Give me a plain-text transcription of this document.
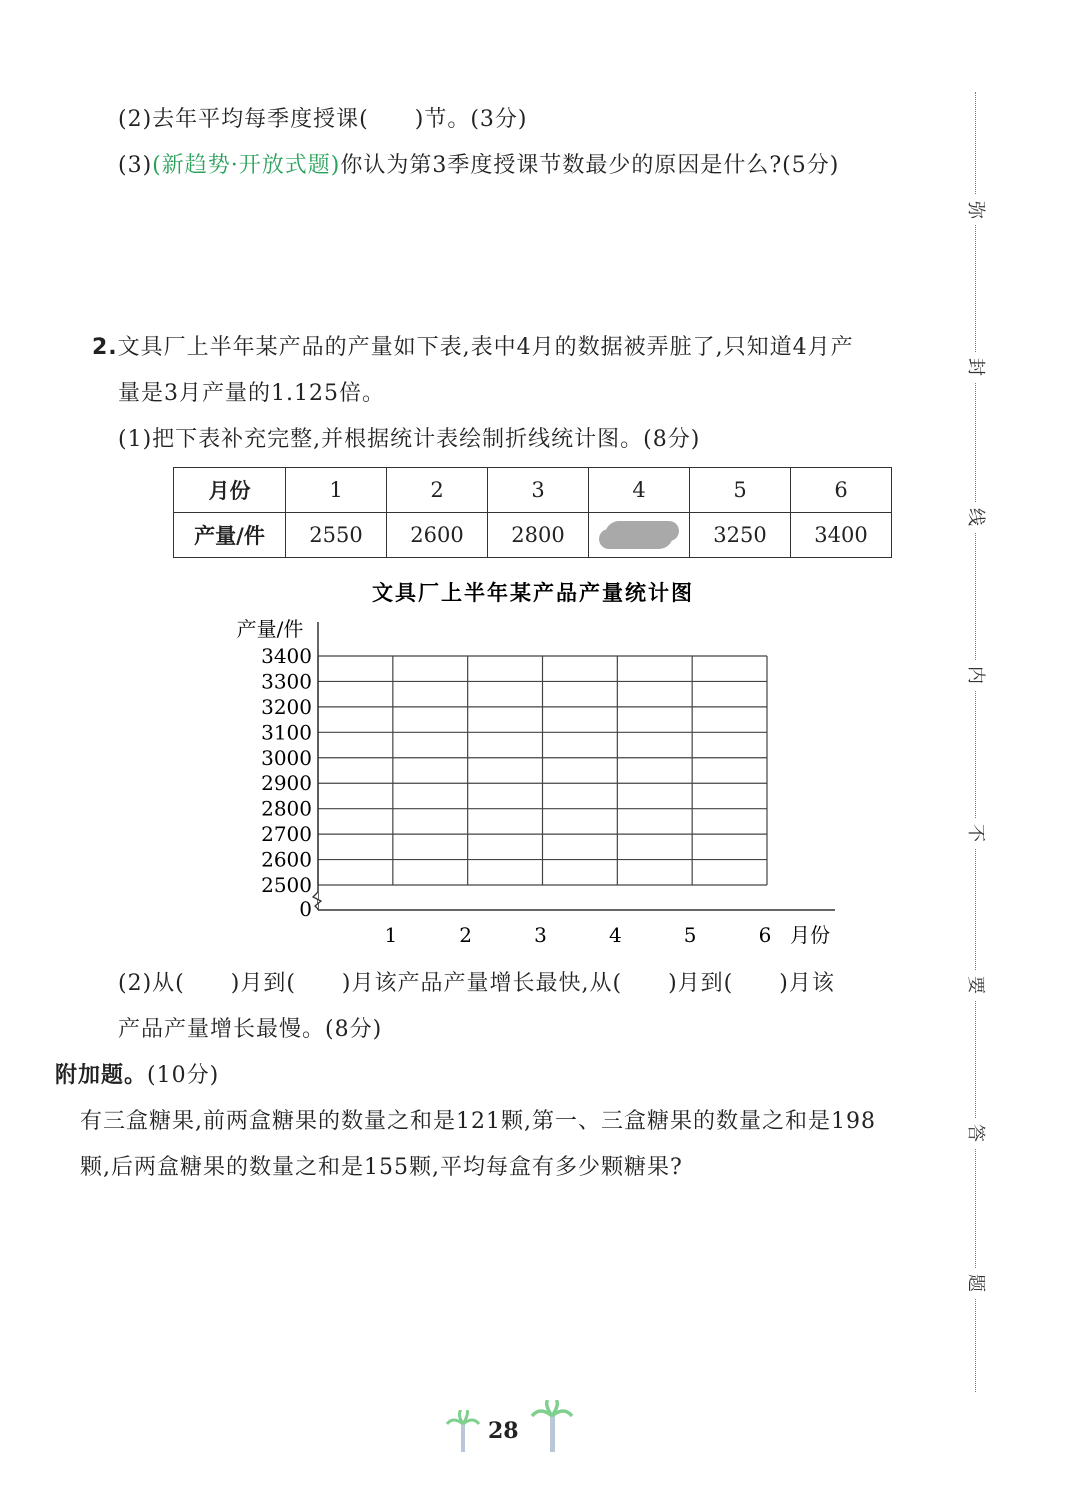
(2)去年平均每季度授课(　　)节。(3分)
(3)(新趋势·开放式题)你认为第3季度授课节数最少的原因是什么?(5分)
2.文具厂上半年某产品的产量如下表,表中4月的数据被弄脏了,只知道4月产
量是3月产量的1.125倍。
(1)把下表补充完整,并根据统计表绘制折线统计图。(8分)
月份	1	2	3	4	5	6
产量/件	2550	2600	2800		3250	3400
文具厂上半年某产品产量统计图
产量/件
3400
3300
3200
3100
3000
2900
2800
2700
2600
2500
0
1	2	3	4	5	6 月份
(2)从(　　)月到(　　)月该产品产量增长最快,从(　　)月到(　　)月该
产品产量增长最慢。(8分)
附加题。(10分)
有三盒糖果,前两盒糖果的数量之和是121颗,第一、三盒糖果的数量之和是198
颗,后两盒糖果的数量之和是155颗,平均每盒有多少颗糖果?
弥
封
线
内
不
要
答
题
28
